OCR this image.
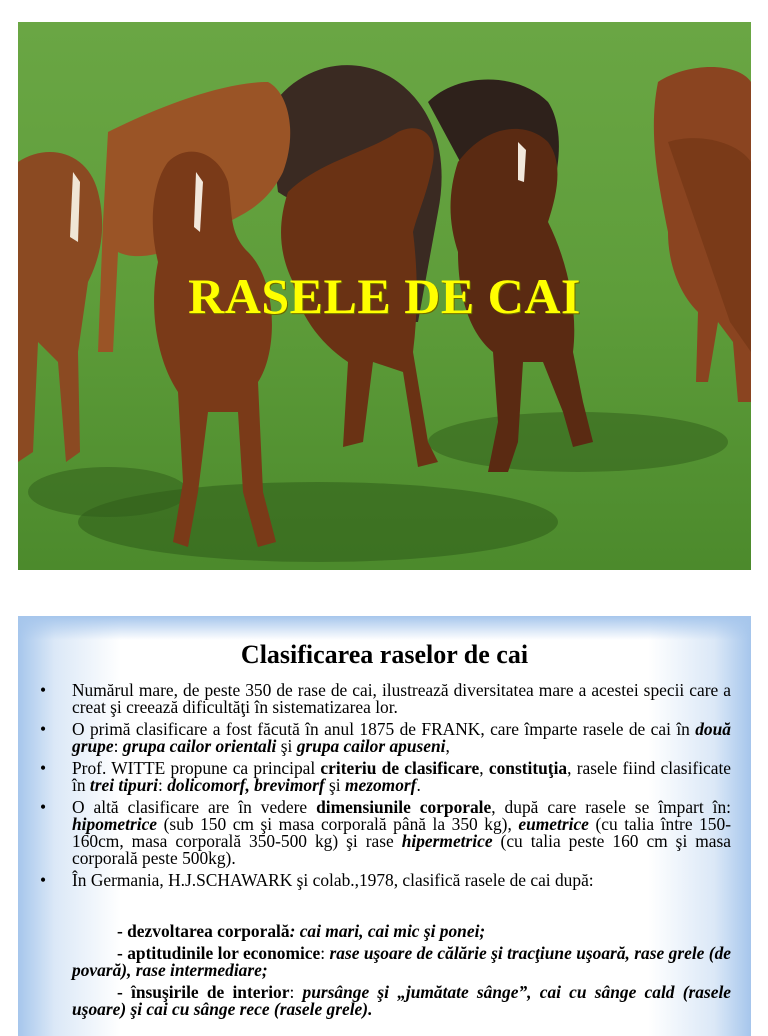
RASELE DE CAI
Clasificarea raselor de cai
• Numărul mare, de peste 350 de rase de cai, ilustrează diversitatea mare a acestei specii care a creat şi creează dificultăţi în sistematizarea lor.
• O primă clasificare a fost făcută în anul 1875 de FRANK, care împarte rasele de cai în două grupe: grupa cailor orientali şi grupa cailor apuseni,
• Prof. WITTE propune ca principal criteriu de clasificare, constituţia, rasele fiind clasificate în trei tipuri: dolicomorf, brevimorf şi mezomorf.
• O altă clasificare are în vedere dimensiunile corporale, după care rasele se împart în: hipometrice (sub 150 cm şi masa corporală până la 350 kg), eumetrice (cu talia între 150-160cm, masa corporală 350-500 kg) şi rase hipermetrice (cu talia peste 160 cm şi masa corporală peste 500kg).
• În Germania, H.J.SCHAWARK şi colab.,1978, clasifică rasele de cai după:
- dezvoltarea corporală: cai mari, cai mic şi ponei;
- aptitudinile lor economice: rase uşoare de călărie şi tracţiune uşoară, rase grele (de povară), rase intermediare;
- însuşirile de interior: pursânge şi „jumătate sânge”, cai cu sânge cald (rasele uşoare) şi cai cu sânge rece (rasele grele).
